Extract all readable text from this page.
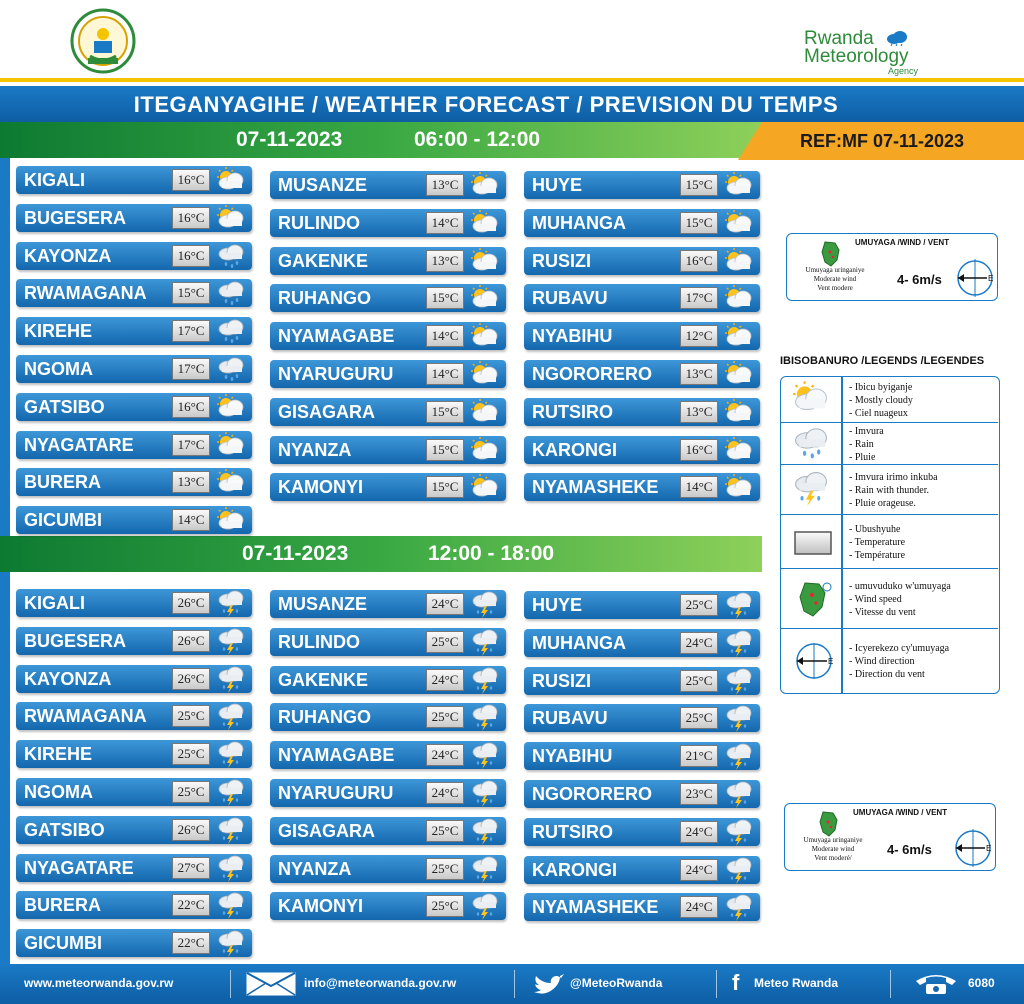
Rwanda
Meteorology
Agency
ITEGANYAGIHE / WEATHER FORECAST / PREVISION DU TEMPS
07-11-2023	06:00 - 12:00	REF:MF 07-11-2023
07-11-2023	12:00 - 18:00
KIGALI	16°C
BUGESERA	16°C
KAYONZA	16°C
RWAMAGANA	15°C
KIREHE	17°C
NGOMA	17°C
GATSIBO	16°C
NYAGATARE	17°C
BURERA	13°C
GICUMBI	14°C
MUSANZE	13°C
RULINDO	14°C
GAKENKE	13°C
RUHANGO	15°C
NYAMAGABE	14°C
NYARUGURU	14°C
GISAGARA	15°C
NYANZA	15°C
KAMONYI	15°C
HUYE	15°C
MUHANGA	15°C
RUSIZI	16°C
RUBAVU	17°C
NYABIHU	12°C
NGORORERO	13°C
RUTSIRO	13°C
KARONGI	16°C
NYAMASHEKE	14°C
KIGALI	26°C
BUGESERA	26°C
KAYONZA	26°C
RWAMAGANA	25°C
KIREHE	25°C
NGOMA	25°C
GATSIBO	26°C
NYAGATARE	27°C
BURERA	22°C
GICUMBI	22°C
MUSANZE	24°C
RULINDO	25°C
GAKENKE	24°C
RUHANGO	25°C
NYAMAGABE	24°C
NYARUGURU	24°C
GISAGARA	25°C
NYANZA	25°C
KAMONYI	25°C
HUYE	25°C
MUHANGA	24°C
RUSIZI	25°C
RUBAVU	25°C
NYABIHU	21°C
NGORORERO	23°C
RUTSIRO	24°C
KARONGI	24°C
NYAMASHEKE	24°C
UMUYAGA /WIND / VENT
Umuyaga uringaniye
Moderate wind
Vent modere
4- 6m/s	E
UMUYAGA /WIND / VENT
Umuyaga uringaniye
Moderate wind
Vent moderé/
4- 6m/s	E
IBISOBANURO /LEGENDS /LEGENDES
- Ibicu byiganje
- Mostly cloudy
- Ciel nuageux
- Imvura
- Rain
- Pluie
- Imvura irimo inkuba
- Rain with thunder.
- Pluie orageuse.
- Ubushyuhe
- Temperature
- Température
- umuvuduko w'umuyaga
- Wind speed
- Vitesse du vent
E
- Icyerekezo cy'umuyaga
- Wind direction
- Direction du vent
www.meteorwanda.gov.rw	info@meteorwanda.gov.rw	@MeteoRwanda	f Meteo Rwanda	6080
